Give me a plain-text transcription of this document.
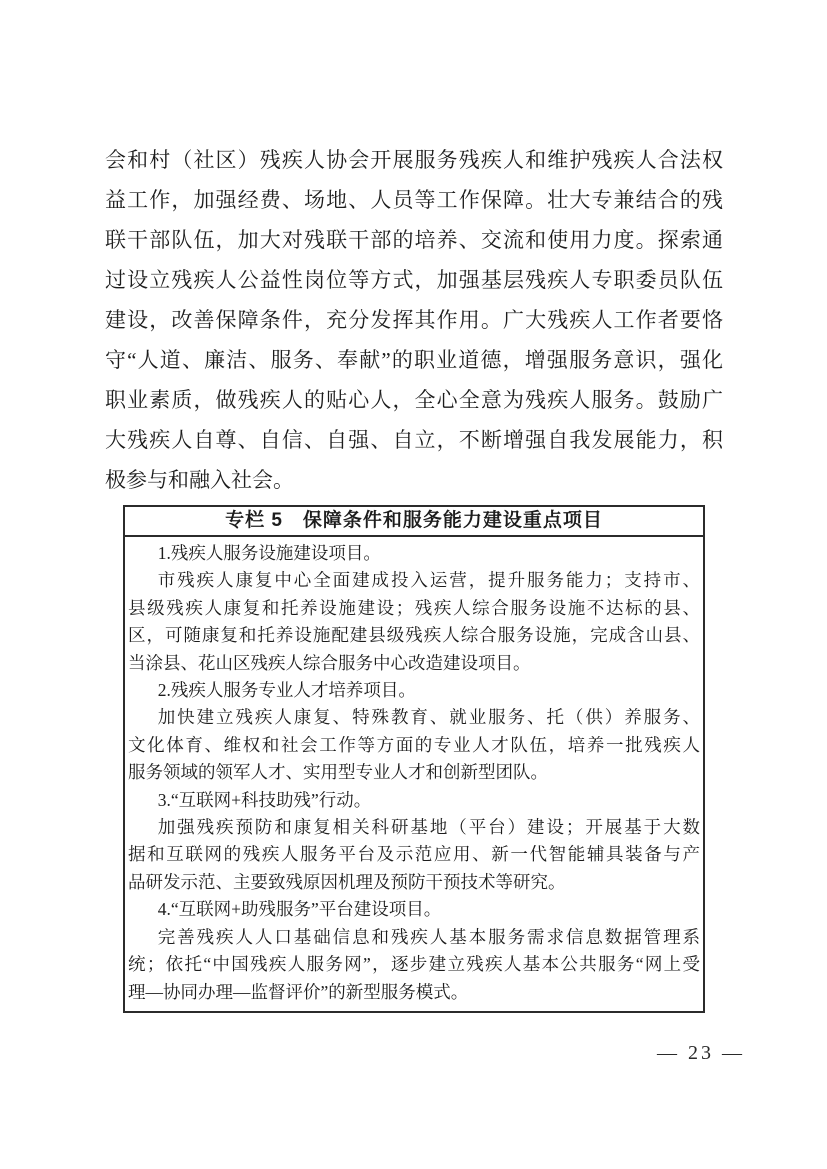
会和村（社区）残疾人协会开展服务残疾人和维护残疾人合法权
益工作，加强经费、场地、人员等工作保障。壮大专兼结合的残
联干部队伍，加大对残联干部的培养、交流和使用力度。探索通
过设立残疾人公益性岗位等方式，加强基层残疾人专职委员队伍
建设，改善保障条件，充分发挥其作用。广大残疾人工作者要恪
守“人道、廉洁、服务、奉献”的职业道德，增强服务意识，强化
职业素质，做残疾人的贴心人，全心全意为残疾人服务。鼓励广
大残疾人自尊、自信、自强、自立，不断增强自我发展能力，积
极参与和融入社会。
专栏 5　保障条件和服务能力建设重点项目
1.残疾人服务设施建设项目。
市残疾人康复中心全面建成投入运营，提升服务能力；支持市、
县级残疾人康复和托养设施建设；残疾人综合服务设施不达标的县、
区，可随康复和托养设施配建县级残疾人综合服务设施，完成含山县、
当涂县、花山区残疾人综合服务中心改造建设项目。
2.残疾人服务专业人才培养项目。
加快建立残疾人康复、特殊教育、就业服务、托（供）养服务、
文化体育、维权和社会工作等方面的专业人才队伍，培养一批残疾人
服务领域的领军人才、实用型专业人才和创新型团队。
3.“互联网+科技助残”行动。
加强残疾预防和康复相关科研基地（平台）建设；开展基于大数
据和互联网的残疾人服务平台及示范应用、新一代智能辅具装备与产
品研发示范、主要致残原因机理及预防干预技术等研究。
4.“互联网+助残服务”平台建设项目。
完善残疾人人口基础信息和残疾人基本服务需求信息数据管理系
统；依托“中国残疾人服务网”，逐步建立残疾人基本公共服务“网上受
理—协同办理—监督评价”的新型服务模式。
— 23 —
